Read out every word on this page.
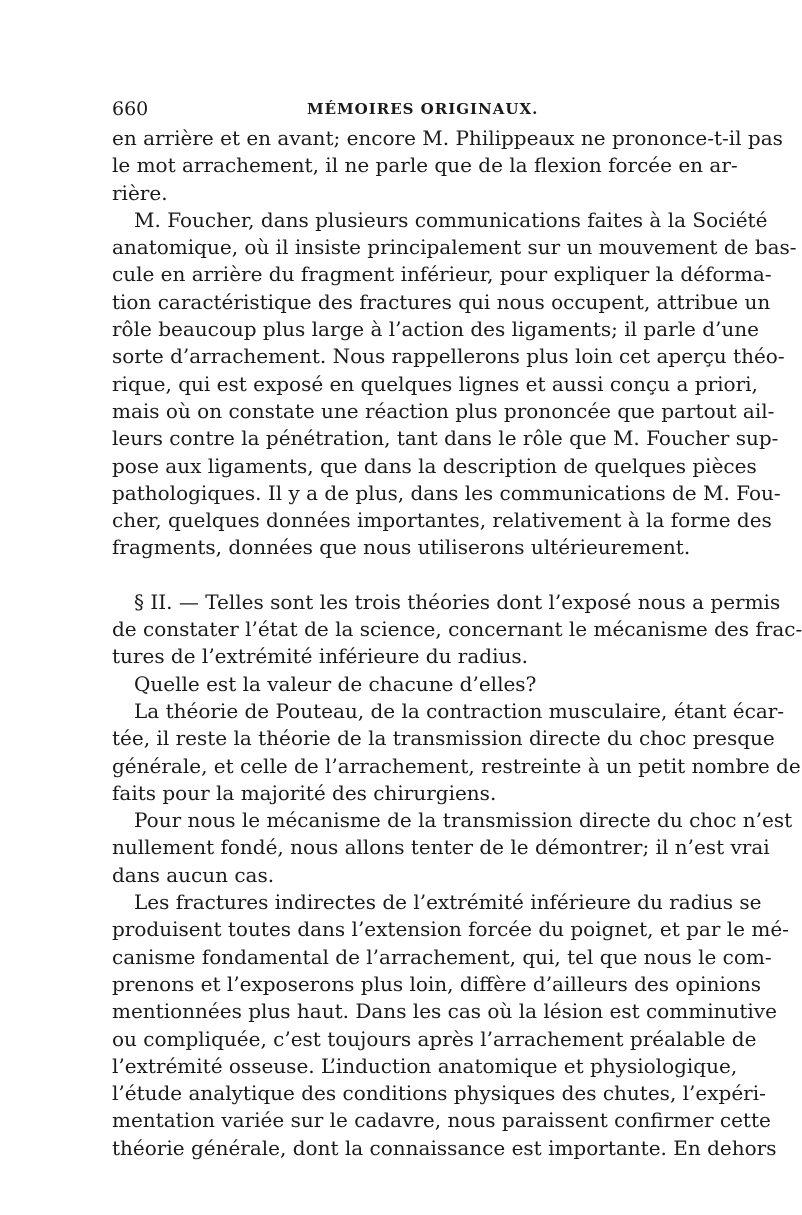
660	MÉMOIRES ORIGINAUX.
en arrière et en avant; encore M. Philippeaux ne prononce-t-il pas
le mot arrachement, il ne parle que de la flexion forcée en ar-
rière.
M. Foucher, dans plusieurs communications faites à la Société
anatomique, où il insiste principalement sur un mouvement de bas-
cule en arrière du fragment inférieur, pour expliquer la déforma-
tion caractéristique des fractures qui nous occupent, attribue un
rôle beaucoup plus large à l’action des ligaments; il parle d’une
sorte d’arrachement. Nous rappellerons plus loin cet aperçu théo-
rique, qui est exposé en quelques lignes et aussi conçu a priori,
mais où on constate une réaction plus prononcée que partout ail-
leurs contre la pénétration, tant dans le rôle que M. Foucher sup-
pose aux ligaments, que dans la description de quelques pièces
pathologiques. Il y a de plus, dans les communications de M. Fou-
cher, quelques données importantes, relativement à la forme des
fragments, données que nous utiliserons ultérieurement.
§ II. — Telles sont les trois théories dont l’exposé nous a permis
de constater l’état de la science, concernant le mécanisme des frac-
tures de l’extrémité inférieure du radius.
Quelle est la valeur de chacune d’elles?
La théorie de Pouteau, de la contraction musculaire, étant écar-
tée, il reste la théorie de la transmission directe du choc presque
générale, et celle de l’arrachement, restreinte à un petit nombre de
faits pour la majorité des chirurgiens.
Pour nous le mécanisme de la transmission directe du choc n’est
nullement fondé, nous allons tenter de le démontrer; il n’est vrai
dans aucun cas.
Les fractures indirectes de l’extrémité inférieure du radius se
produisent toutes dans l’extension forcée du poignet, et par le mé-
canisme fondamental de l’arrachement, qui, tel que nous le com-
prenons et l’exposerons plus loin, diffère d’ailleurs des opinions
mentionnées plus haut. Dans les cas où la lésion est comminutive
ou compliquée, c’est toujours après l’arrachement préalable de
l’extrémité osseuse. L’induction anatomique et physiologique,
l’étude analytique des conditions physiques des chutes, l’expéri-
mentation variée sur le cadavre, nous paraissent confirmer cette
théorie générale, dont la connaissance est importante. En dehors
